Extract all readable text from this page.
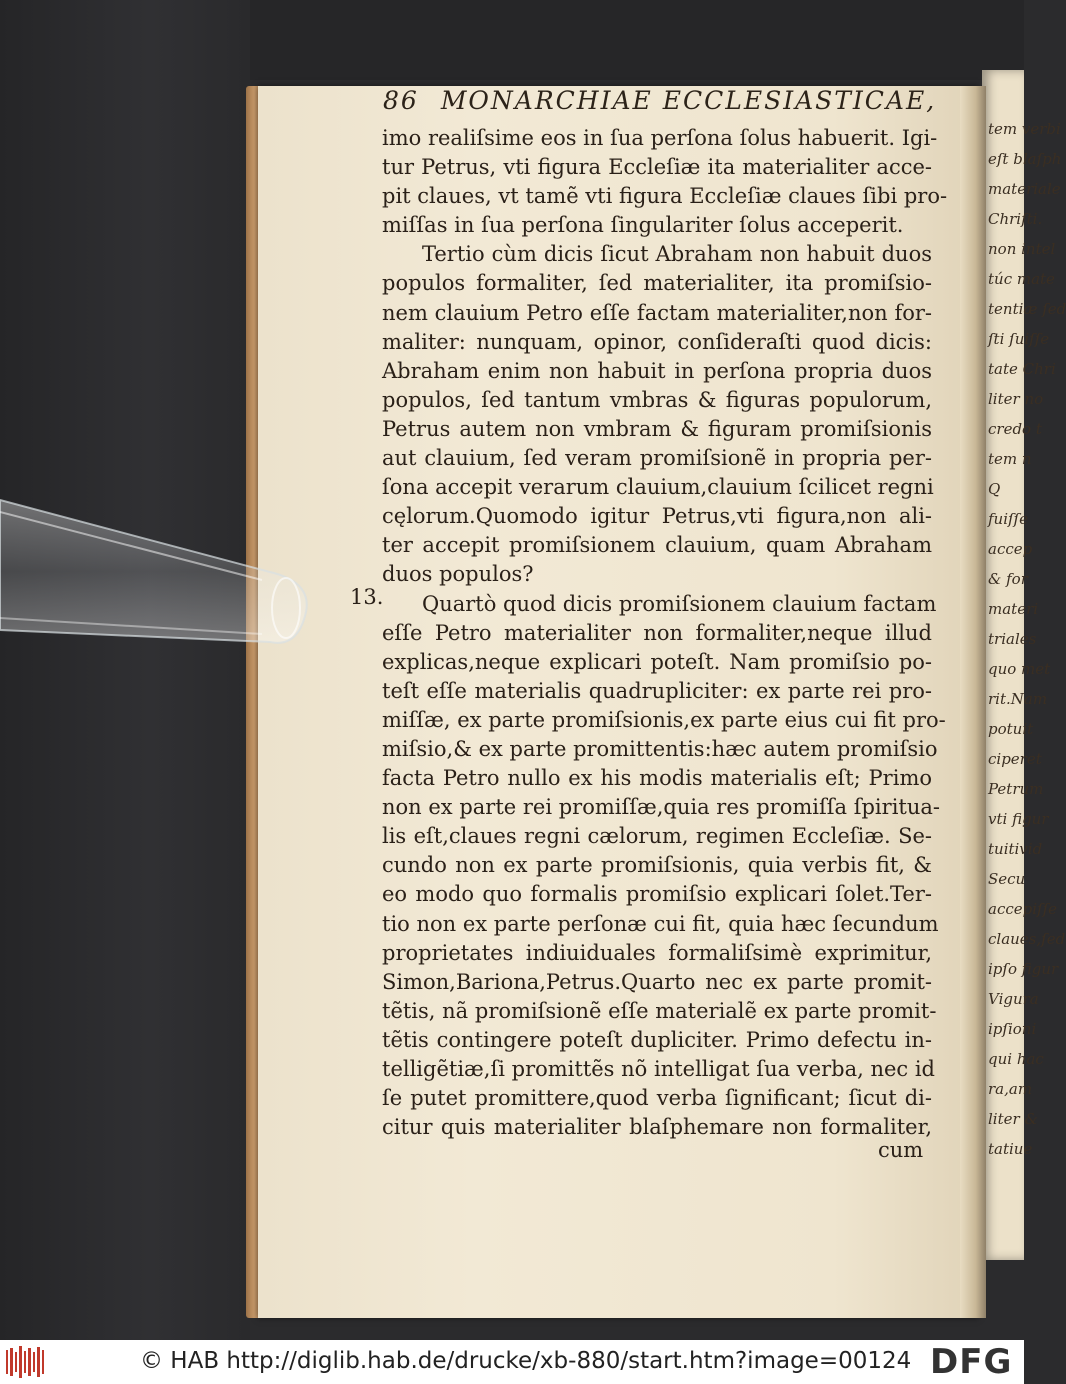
tem verbi
eſt blaſph
materiale
Chriſti.
non intel
túc mate
tentiæ ſed
ſti ſuiſſe
tate Chri
liter no
credo t
tem n
Q
fuiſſe
accep
& for
materi
triales
quo met
rit.Nam
potuit
ciperet
Petrum
vti figur
tuitivid
Secu
accepiſſe
claues,ſed
ipſo figur
Vigura
ipſioni
qui hac
ra,am
liter &
tatiue
86 MONARCHIAE ECCLESIASTICAE,
imo realiſsime eos in ſua perſona ſolus habuerit. Igi-
tur Petrus, vti figura Eccleſiæ ita materialiter acce-
pit claues, vt tamẽ vti figura Eccleſiæ claues ſibi pro-
miſſas in ſua perſona ſingulariter ſolus acceperit.
Tertio cùm dicis ſicut Abraham non habuit duos
populos formaliter, ſed materialiter, ita promiſsio-
nem clauium Petro eſſe factam materialiter,non for-
maliter: nunquam, opinor, conſideraſti quod dicis:
Abraham enim non habuit in perſona propria duos
populos, ſed tantum vmbras & figuras populorum,
Petrus autem non vmbram & figuram promiſsionis
aut clauium, ſed veram promiſsionẽ in propria per-
ſona accepit verarum clauium,clauium ſcilicet regni
cęlorum.Quomodo igitur Petrus,vti figura,non ali-
ter accepit promiſsionem clauium, quam Abraham
duos populos?
Quartò quod dicis promiſsionem clauium factam
eſſe Petro materialiter non formaliter,neque illud
explicas,neque explicari poteſt. Nam promiſsio po-
teſt eſſe materialis quadrupliciter: ex parte rei pro-
miſſæ, ex parte promiſsionis,ex parte eius cui fit pro-
miſsio,& ex parte promittentis:hæc autem promiſsio
facta Petro nullo ex his modis materialis eſt; Primo
non ex parte rei promiſſæ,quia res promiſſa ſpiritua-
lis eſt,claues regni cælorum, regimen Eccleſiæ. Se-
cundo non ex parte promiſsionis, quia verbis fit, &
eo modo quo formalis promiſsio explicari ſolet.Ter-
tio non ex parte perſonæ cui fit, quia hæc ſecundum
proprietates indiuiduales formaliſsimè exprimitur,
Simon,Bariona,Petrus.Quarto nec ex parte promit-
tẽtis, nã promiſsionẽ eſſe materialẽ ex parte promit-
tẽtis contingere poteſt dupliciter. Primo defectu in-
telligẽtiæ,ſi promittẽs nõ intelligat ſua verba, nec id
ſe putet promittere,quod verba ſignificant; ſicut di-
citur quis materialiter blaſphemare non formaliter,
13.
cum
© HAB http://diglib.hab.de/drucke/xb-880/start.htm?image=00124 DFG
